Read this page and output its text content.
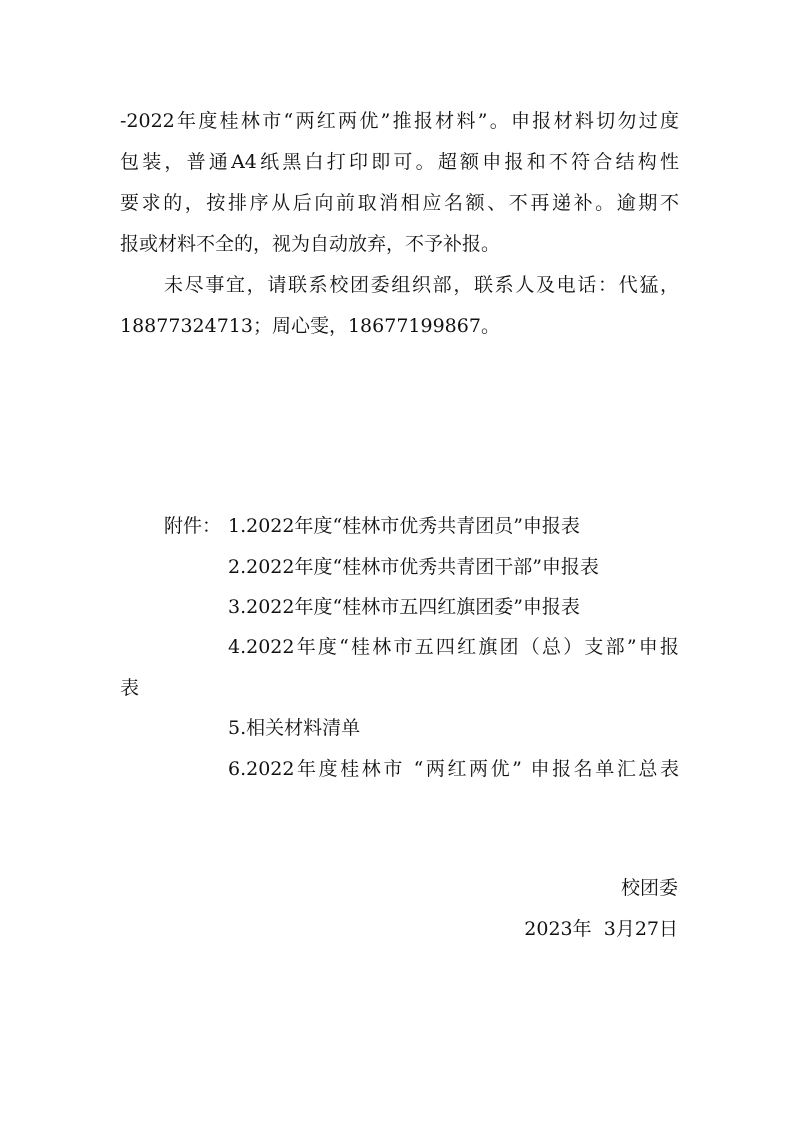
-2022年度桂林市“两红两优”推报材料”。申报材料切勿过度
包装，普通A4纸黑白打印即可。超额申报和不符合结构性
要求的，按排序从后向前取消相应名额、不再递补。逾期不
报或材料不全的，视为自动放弃，不予补报。
未尽事宜，请联系校团委组织部，联系人及电话：代猛，
18877324713；周心雯，18677199867。
附件： 1.2022年度“桂林市优秀共青团员”申报表
2.2022年度“桂林市优秀共青团干部”申报表
3.2022年度“桂林市五四红旗团委”申报表
4.2022年度“桂林市五四红旗团（总）支部”申报
表
5.相关材料清单
6.2022年度桂林市 “两红两优” 申报名单汇总表
校团委
2023年  3月27日
